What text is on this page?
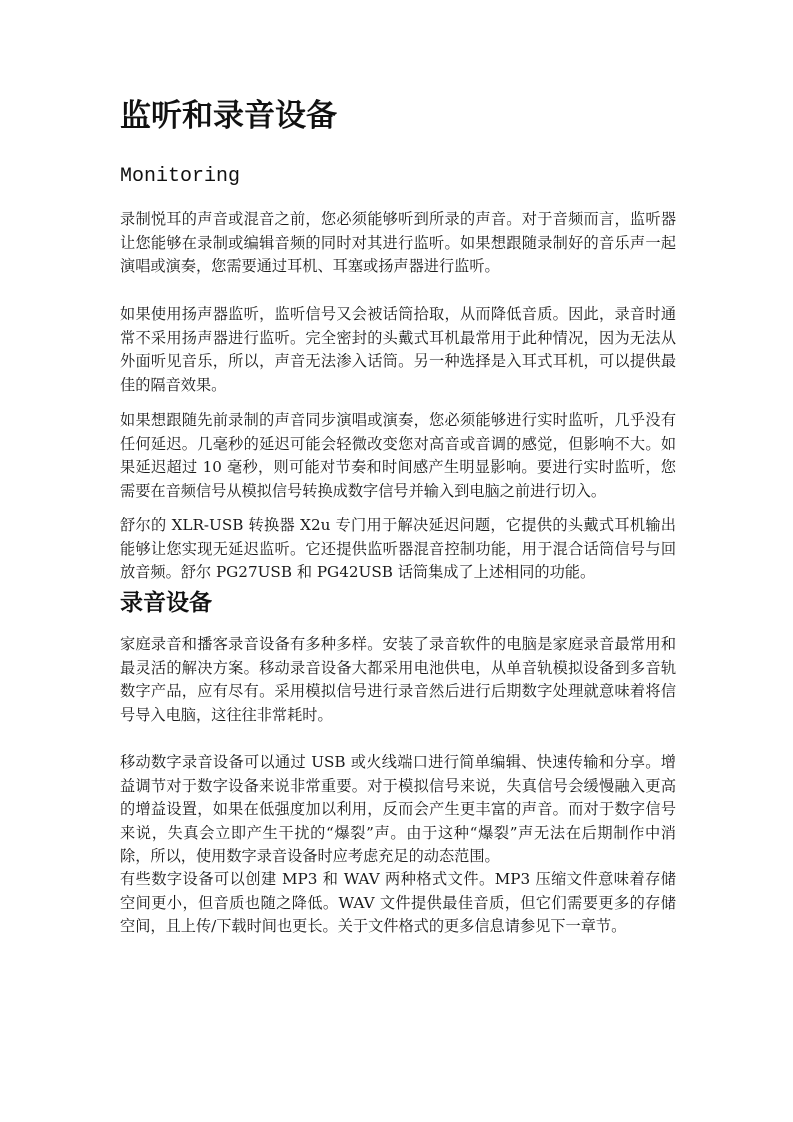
监听和录音设备
Monitoring

录制悦耳的声音或混音之前，您必须能够听到所录的声音。对于音频而言，监听器让您能够在录制或编辑音频的同时对其进行监听。如果想跟随录制好的音乐声一起演唱或演奏，您需要通过耳机、耳塞或扬声器进行监听。

如果使用扬声器监听，监听信号又会被话筒拾取，从而降低音质。因此，录音时通常不采用扬声器进行监听。完全密封的头戴式耳机最常用于此种情况，因为无法从外面听见音乐，所以，声音无法渗入话筒。另一种选择是入耳式耳机，可以提供最佳的隔音效果。

如果想跟随先前录制的声音同步演唱或演奏，您必须能够进行实时监听，几乎没有任何延迟。几毫秒的延迟可能会轻微改变您对高音或音调的感觉，但影响不大。如果延迟超过 10 毫秒，则可能对节奏和时间感产生明显影响。要进行实时监听，您需要在音频信号从模拟信号转换成数字信号并输入到电脑之前进行切入。

舒尔的 XLR-USB 转换器 X2u 专门用于解决延迟问题，它提供的头戴式耳机输出能够让您实现无延迟监听。它还提供监听器混音控制功能，用于混合话筒信号与回放音频。舒尔 PG27USB 和 PG42USB 话筒集成了上述相同的功能。

录音设备

家庭录音和播客录音设备有多种多样。安装了录音软件的电脑是家庭录音最常用和最灵活的解决方案。移动录音设备大都采用电池供电，从单音轨模拟设备到多音轨数字产品，应有尽有。采用模拟信号进行录音然后进行后期数字处理就意味着将信号导入电脑，这往往非常耗时。

移动数字录音设备可以通过 USB 或火线端口进行简单编辑、快速传输和分享。增益调节对于数字设备来说非常重要。对于模拟信号来说，失真信号会缓慢融入更高的增益设置，如果在低强度加以利用，反而会产生更丰富的声音。而对于数字信号来说，失真会立即产生干扰的“爆裂”声。由于这种“爆裂”声无法在后期制作中消除，所以，使用数字录音设备时应考虑充足的动态范围。

有些数字设备可以创建 MP3 和 WAV 两种格式文件。MP3 压缩文件意味着存储空间更小，但音质也随之降低。WAV 文件提供最佳音质，但它们需要更多的存储空间，且上传/下载时间也更长。关于文件格式的更多信息请参见下一章节。
